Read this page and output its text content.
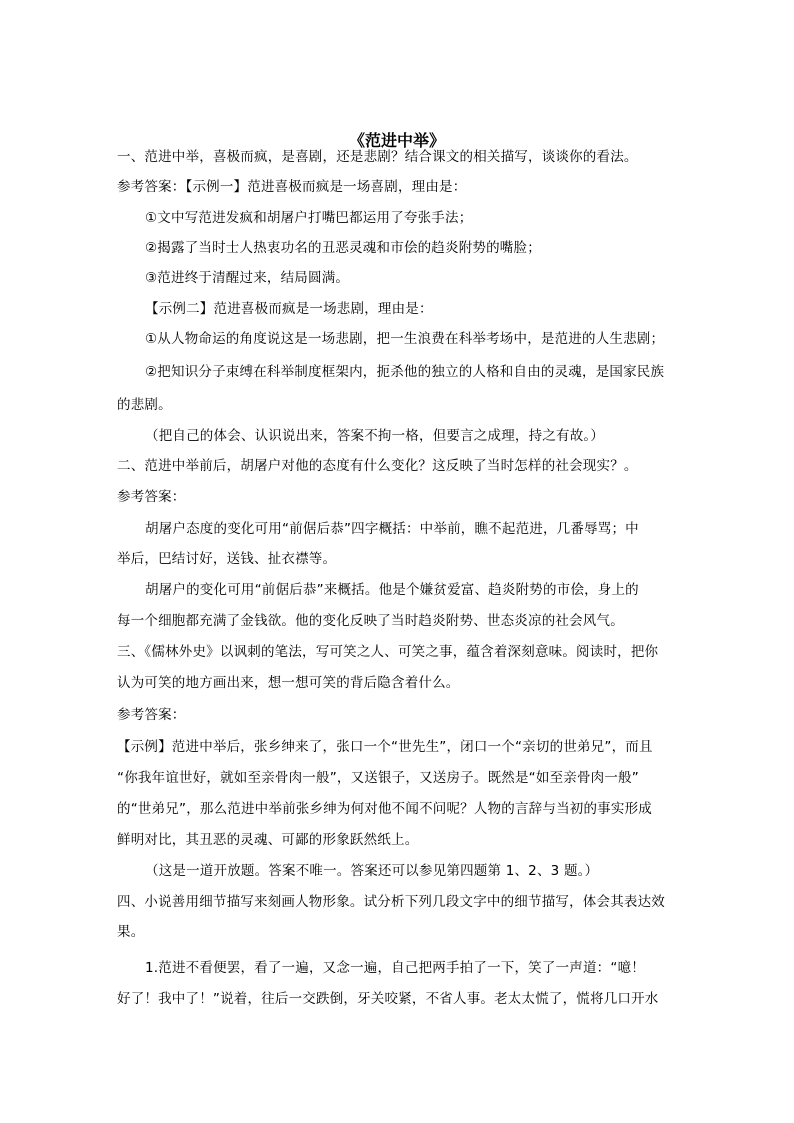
《范进中举》
一、范进中举，喜极而疯，是喜剧，还是悲剧？结合课文的相关描写，谈谈你的看法。
参考答案：【示例一】范进喜极而疯是一场喜剧，理由是：
①文中写范进发疯和胡屠户打嘴巴都运用了夸张手法；
②揭露了当时士人热衷功名的丑恶灵魂和市侩的趋炎附势的嘴脸；
③范进终于清醒过来，结局圆满。
【示例二】范进喜极而疯是一场悲剧，理由是：
①从人物命运的角度说这是一场悲剧，把一生浪费在科举考场中，是范进的人生悲剧；
②把知识分子束缚在科举制度框架内，扼杀他的独立的人格和自由的灵魂，是国家民族
的悲剧。
（把自己的体会、认识说出来，答案不拘一格，但要言之成理，持之有故。）
二、范进中举前后，胡屠户对他的态度有什么变化？这反映了当时怎样的社会现实？。
参考答案：
胡屠户态度的变化可用“前倨后恭”四字概括：中举前，瞧不起范进，几番辱骂；中
举后，巴结讨好，送钱、扯衣襟等。
胡屠户的变化可用“前倨后恭”来概括。他是个嫌贫爱富、趋炎附势的市侩，身上的
每一个细胞都充满了金钱欲。他的变化反映了当时趋炎附势、世态炎凉的社会风气。
三、《儒林外史》以讽刺的笔法，写可笑之人、可笑之事，蕴含着深刻意味。阅读时，把你
认为可笑的地方画出来，想一想可笑的背后隐含着什么。
参考答案：
【示例】范进中举后，张乡绅来了，张口一个“世先生”，闭口一个“亲切的世弟兄”，而且
“你我年谊世好，就如至亲骨肉一般”，又送银子，又送房子。既然是“如至亲骨肉一般”
的“世弟兄”，那么范进中举前张乡绅为何对他不闻不问呢？人物的言辞与当初的事实形成
鲜明对比，其丑恶的灵魂、可鄙的形象跃然纸上。
（这是一道开放题。答案不唯一。答案还可以参见第四题第 1、2、3 题。）
四、小说善用细节描写来刻画人物形象。试分析下列几段文字中的细节描写，体会其表达效
果。
1.范进不看便罢，看了一遍，又念一遍，自己把两手拍了一下，笑了一声道：“噫！
好了！我中了！”说着，往后一交跌倒，牙关咬紧，不省人事。老太太慌了，慌将几口开水
